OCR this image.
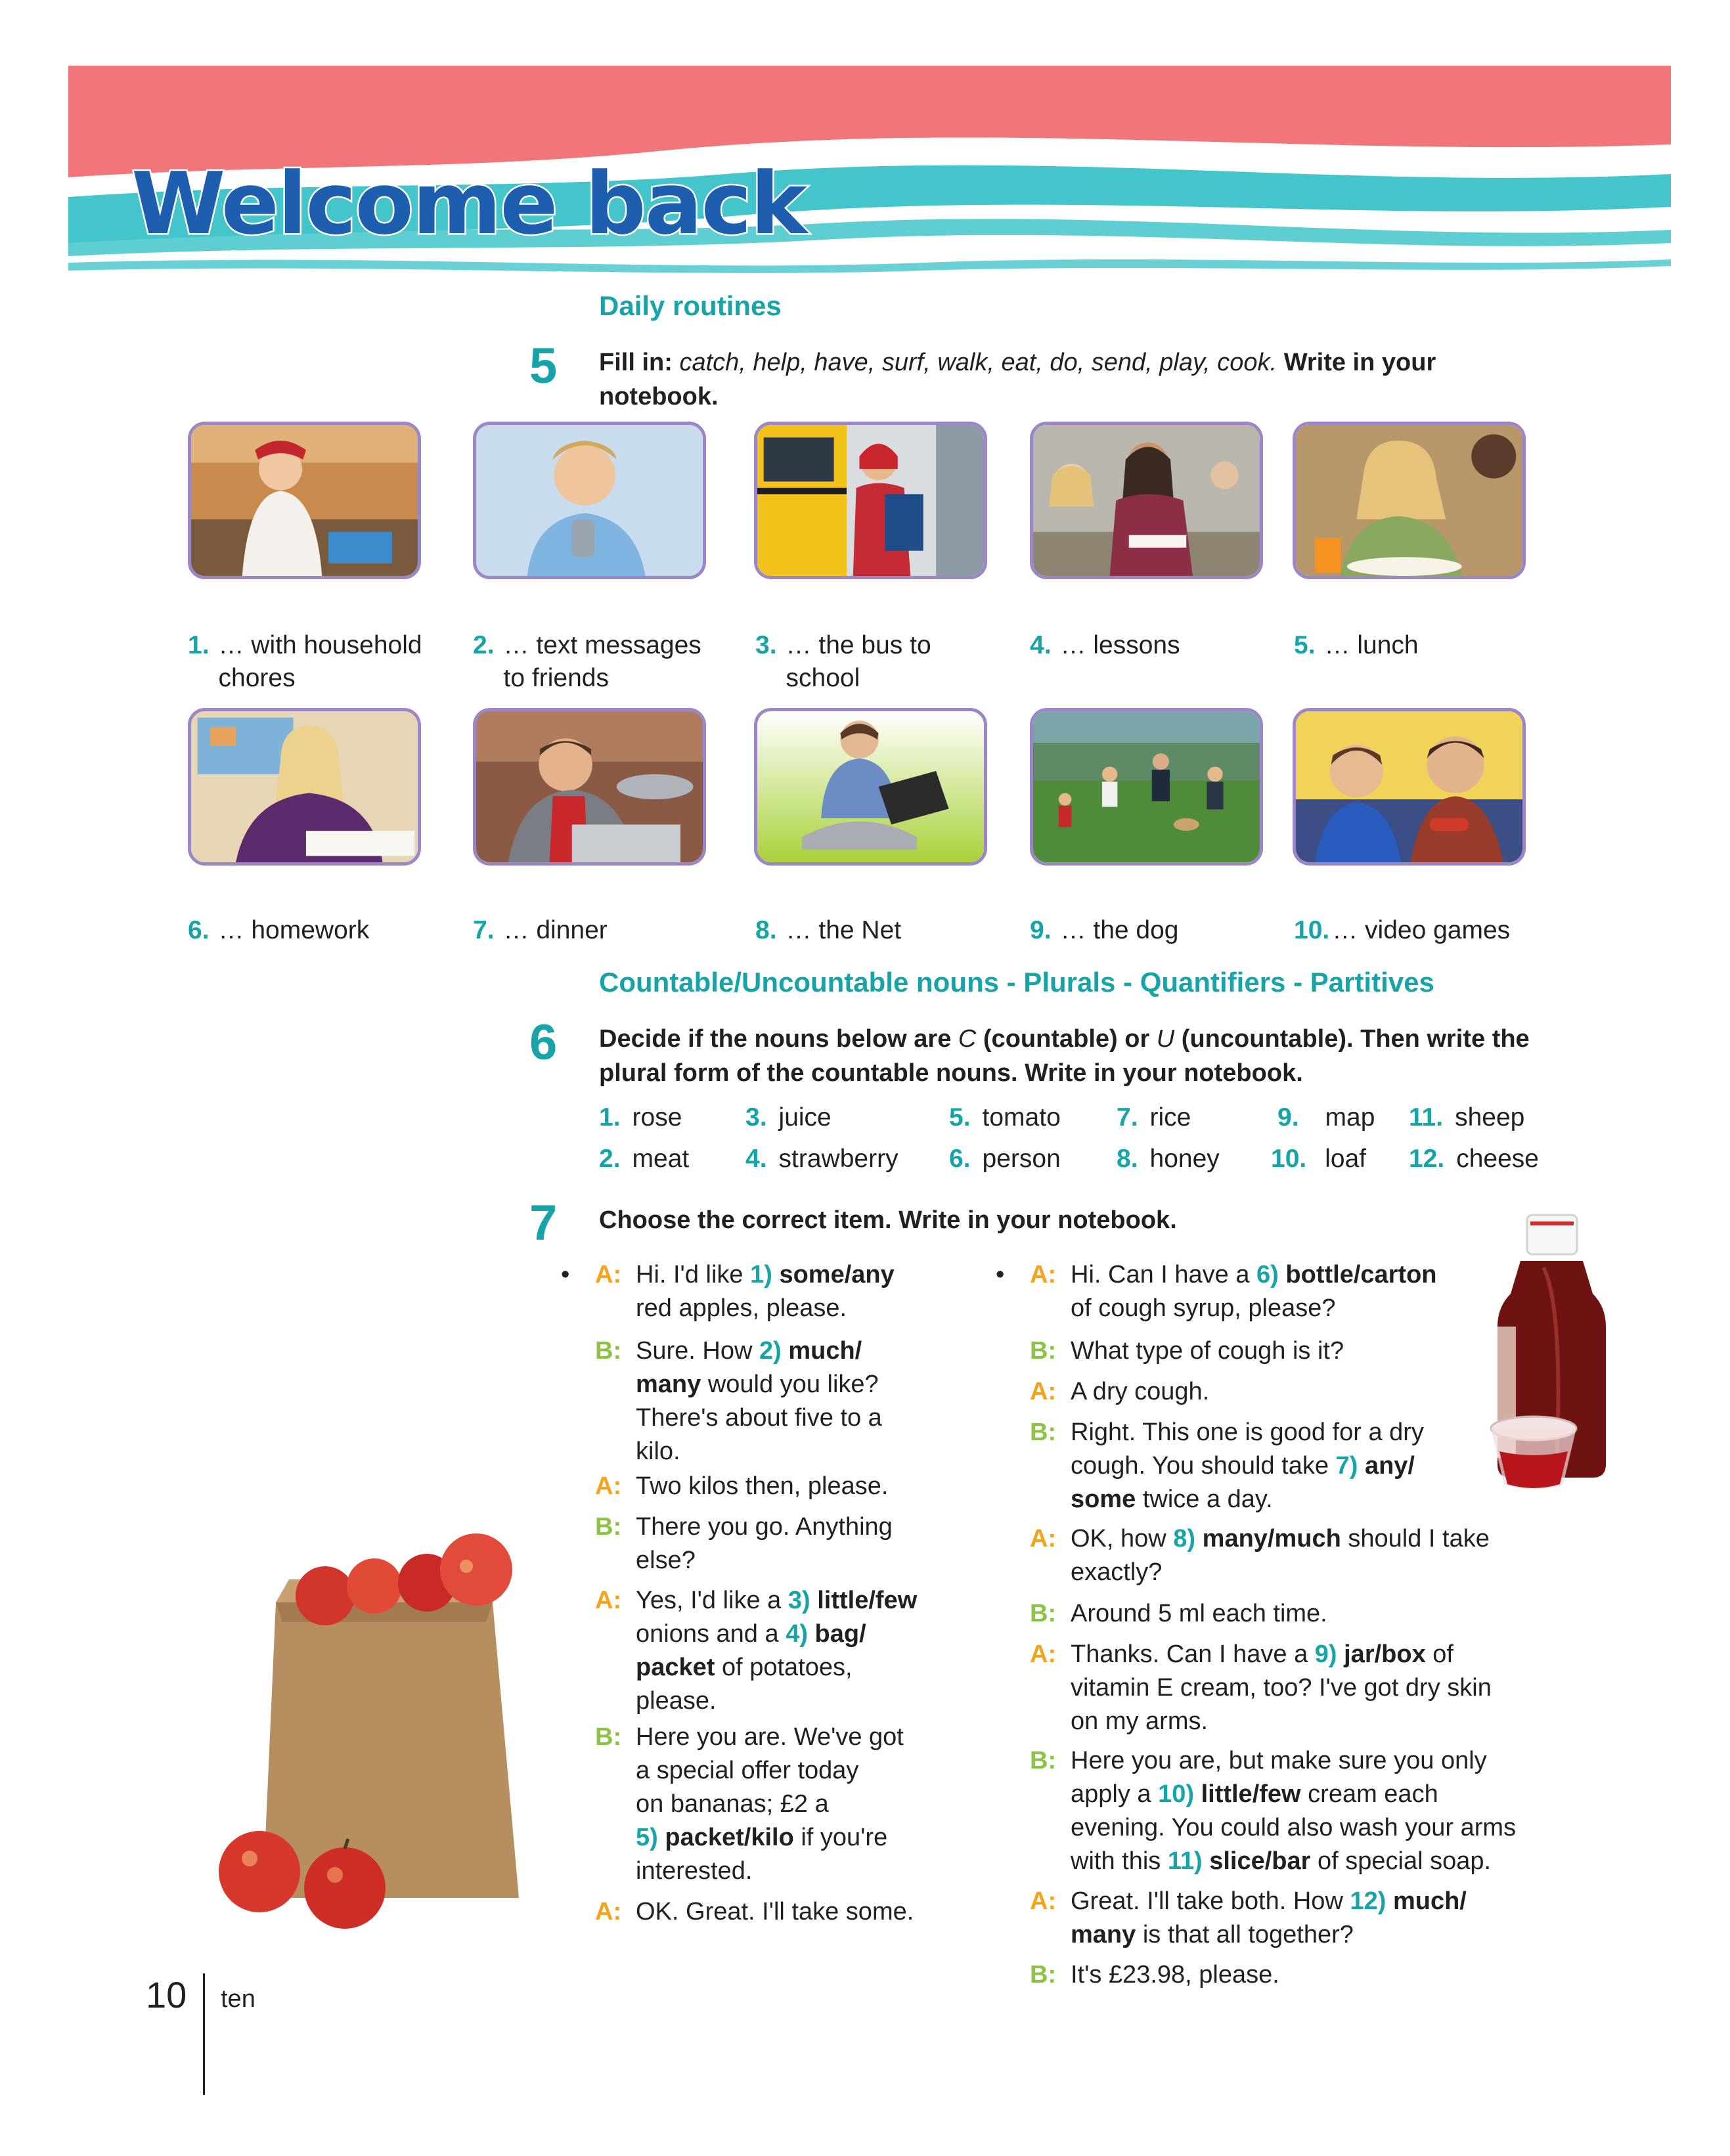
Welcome back
Daily routines
5 Fill in: catch, help, have, surf, walk, eat, do, send, play, cook. Write in your notebook.
1. … with household chores
2. … text messages to friends
3. … the bus to school
4. … lessons	5. … lunch
6. … homework	7. … dinner	8. … the Net	9. … the dog	10. … video games
Countable/Uncountable nouns - Plurals - Quantifiers - Partitives
6 Decide if the nouns below are C (countable) or U (uncountable). Then write the plural form of the countable nouns. Write in your notebook.
1. rose
2. meat
3. juice
4. strawberry
5. tomato
6. person
7. rice
8. honey
9. map
10. loaf
11. sheep
12. cheese
7 Choose the correct item. Write in your notebook.
• A: Hi. I'd like 1) some/any
red apples, please.
B: Sure. How 2) much/
many would you like?
There's about five to a
kilo.
A: Two kilos then, please.
B: There you go. Anything
else?
A: Yes, I'd like a 3) little/few
onions and a 4) bag/
packet of potatoes,
please.
B: Here you are. We've got
a special offer today
on bananas; £2 a
5) packet/kilo if you're
interested.
A: OK. Great. I'll take some.
• A: Hi. Can I have a 6) bottle/carton
of cough syrup, please?
B: What type of cough is it?
A: A dry cough.
B: Right. This one is good for a dry
cough. You should take 7) any/
some twice a day.
A: OK, how 8) many/much should I take
exactly?
B: Around 5 ml each time.
A: Thanks. Can I have a 9) jar/box of
vitamin E cream, too? I've got dry skin
on my arms.
B: Here you are, but make sure you only
apply a 10) little/few cream each
evening. You could also wash your arms
with this 11) slice/bar of special soap.
A: Great. I'll take both. How 12) much/
many is that all together?
B: It's £23.98, please.
10 ten
